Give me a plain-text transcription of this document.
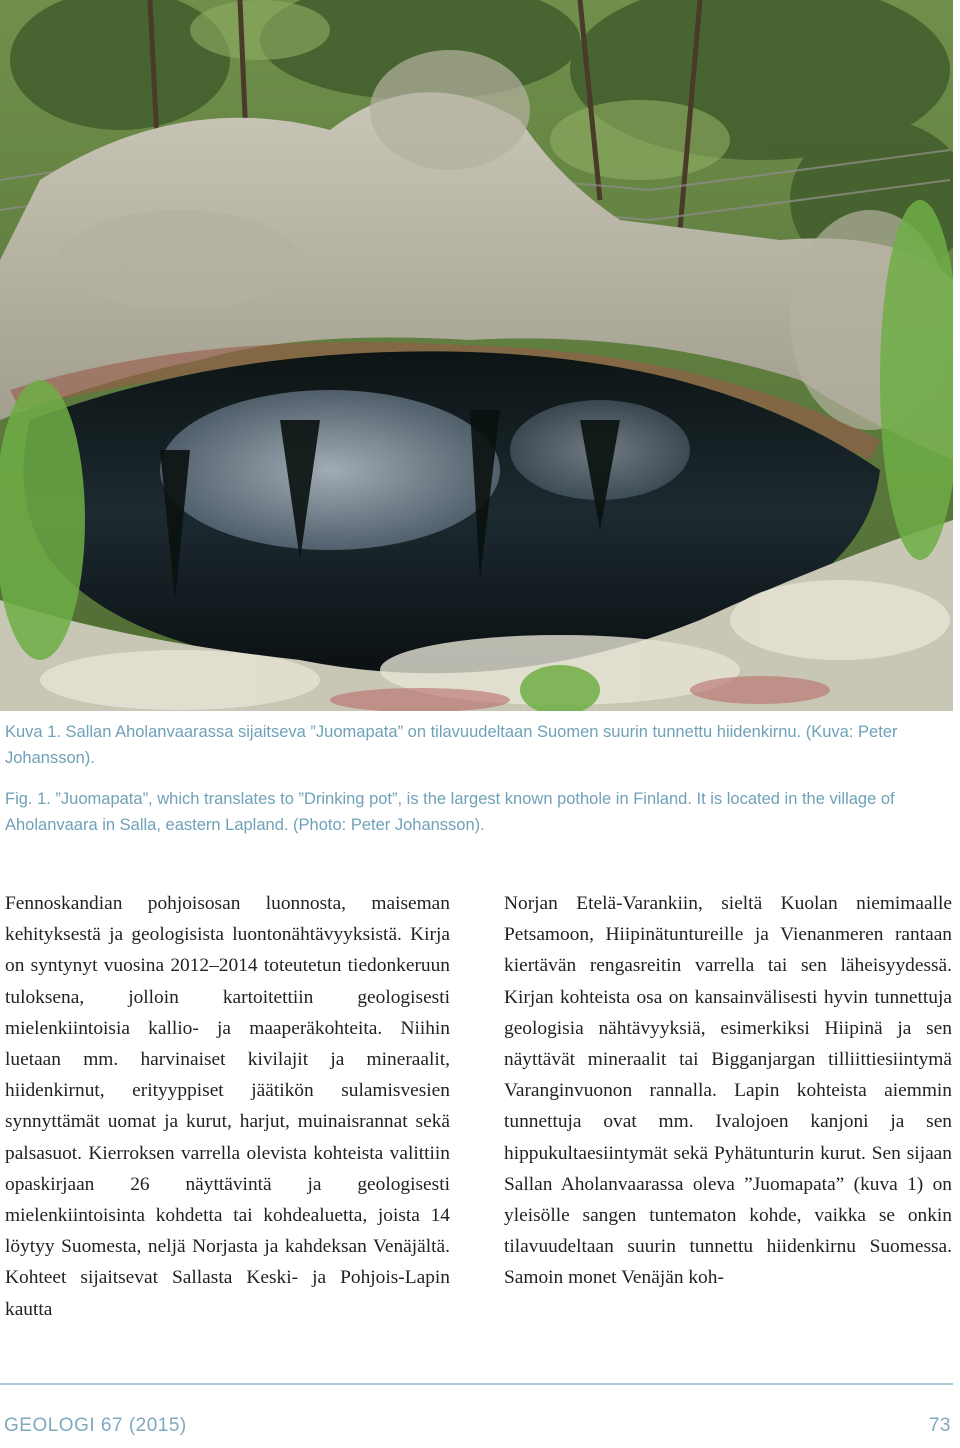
Kuva 1. Sallan Aholanvaarassa sijaitseva ”Juomapata” on tilavuudeltaan Suomen suurin tunnettu hiidenkirnu. (Kuva: Peter Johansson).

Fig. 1. ”Juomapata”, which translates to ”Drinking pot”, is the largest known pothole in Finland. It is located in the village of Aholanvaara in Salla, eastern Lapland. (Photo: Peter Johansson).

Fennoskandian pohjoisosan luonnosta, maiseman kehityksestä ja geologisista luontonähtävyyksistä. Kirja on syntynyt vuosina 2012–2014 toteutetun tiedonkeruun tuloksena, jolloin kartoitettiin geologisesti mielenkiintoisia kallio- ja maaperäkohteita. Niihin luetaan mm. harvinaiset kivilajit ja mineraalit, hiidenkirnut, erityyppiset jäätikön sulamisvesien synnyttämät uomat ja kurut, harjut, muinaisrannat sekä palsasuot. Kierroksen varrella olevista kohteista valittiin opaskirjaan 26 näyttävintä ja geologisesti mielenkiintoisinta kohdetta tai kohdealuetta, joista 14 löytyy Suomesta, neljä Norjasta ja kahdeksan Venäjältä. Kohteet sijaitsevat Sallasta Keski- ja Pohjois-Lapin kautta

Norjan Etelä-Varankiin, sieltä Kuolan niemimaalle Petsamoon, Hiipinätuntureille ja Vienanmeren rantaan kiertävän rengasreitin varrella tai sen läheisyydessä. Kirjan kohteista osa on kansainvälisesti hyvin tunnettuja geologisia nähtävyyksiä, esimerkiksi Hiipinä ja sen näyttävät mineraalit tai Bigganjargan tilliittiesiintymä Varanginvuonon rannalla. Lapin kohteista aiemmin tunnettuja ovat mm. Ivalojoen kanjoni ja sen hippukultaesiintymät sekä Pyhätunturin kurut. Sen sijaan Sallan Aholanvaarassa oleva ”Juomapata” (kuva 1) on yleisölle sangen tuntematon kohde, vaikka se onkin tilavuudeltaan suurin tunnettu hiidenkirnu Suomessa. Samoin monet Venäjän koh-

GEOLOGI 67 (2015)	73
